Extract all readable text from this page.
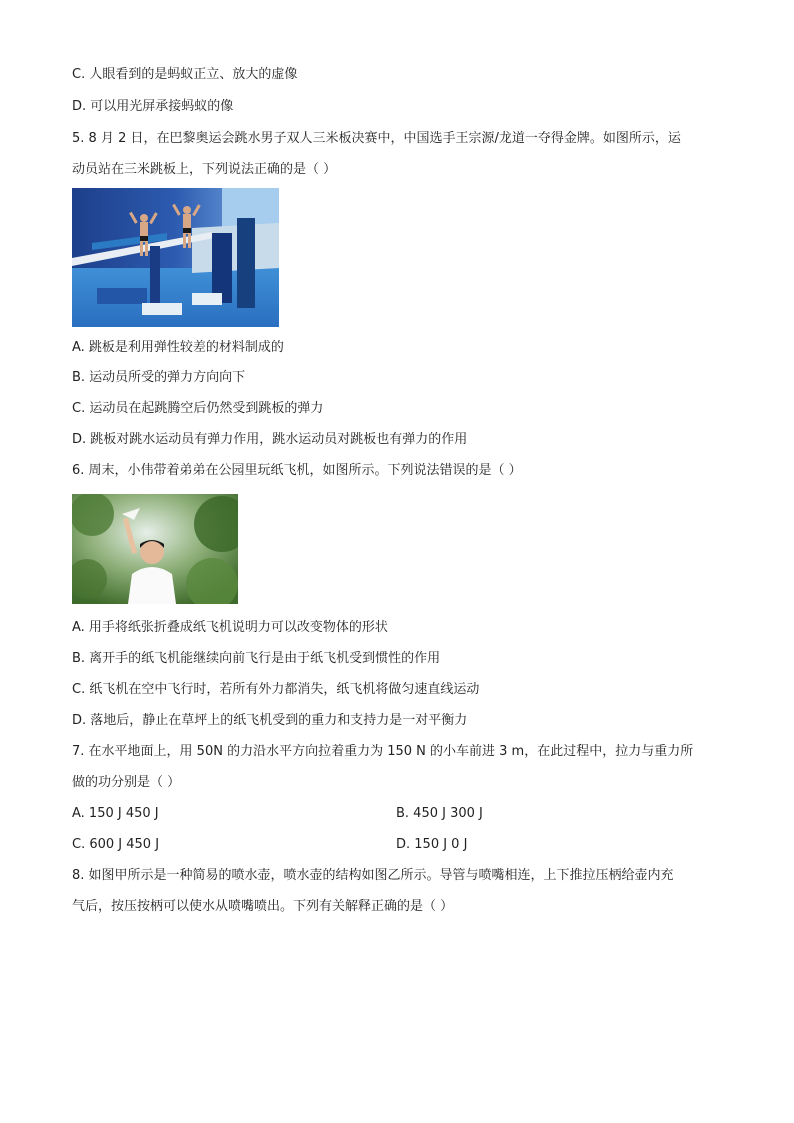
C. 人眼看到的是蚂蚁正立、放大的虚像
D. 可以用光屏承接蚂蚁的像
5. 8 月 2 日，在巴黎奥运会跳水男子双人三米板决赛中，中国选手王宗源/龙道一夺得金牌。如图所示，运
动员站在三米跳板上，下列说法正确的是（ ）
A. 跳板是利用弹性较差的材料制成的
B. 运动员所受的弹力方向向下
C. 运动员在起跳腾空后仍然受到跳板的弹力
D. 跳板对跳水运动员有弹力作用，跳水运动员对跳板也有弹力的作用
6. 周末，小伟带着弟弟在公园里玩纸飞机，如图所示。下列说法错误的是（ ）
A. 用手将纸张折叠成纸飞机说明力可以改变物体的形状
B. 离开手的纸飞机能继续向前飞行是由于纸飞机受到惯性的作用
C. 纸飞机在空中飞行时，若所有外力都消失，纸飞机将做匀速直线运动
D. 落地后，静止在草坪上的纸飞机受到的重力和支持力是一对平衡力
7. 在水平地面上，用 50N 的力沿水平方向拉着重力为 150 N 的小车前进 3 m，在此过程中，拉力与重力所
做的功分别是（ ）
A. 150 J 450 J	B. 450 J 300 J
C. 600 J 450 J	D. 150 J 0 J
8. 如图甲所示是一种简易的喷水壶，喷水壶的结构如图乙所示。导管与喷嘴相连，上下推拉压柄给壶内充
气后，按压按柄可以使水从喷嘴喷出。下列有关解释正确的是（ ）
